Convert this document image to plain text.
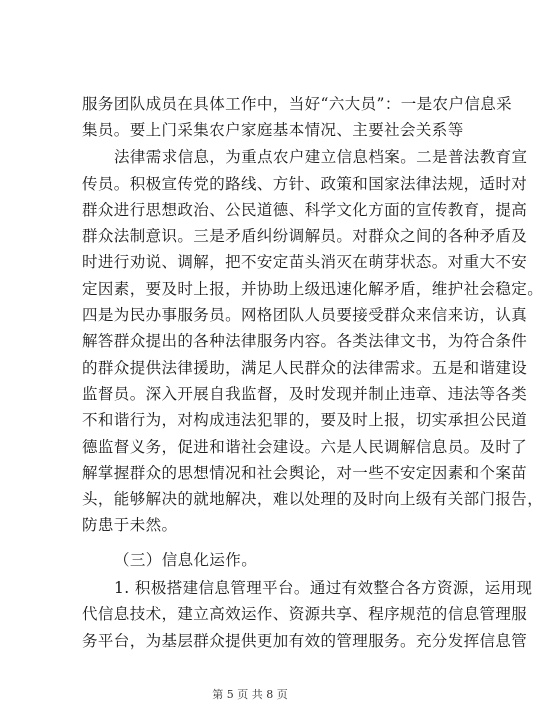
服务团队成员在具体工作中，当好“六大员”：一是农户信息采
集员。要上门采集农户家庭基本情况、主要社会关系等
法律需求信息，为重点农户建立信息档案。二是普法教育宣
传员。积极宣传党的路线、方针、政策和国家法律法规，适时对
群众进行思想政治、公民道德、科学文化方面的宣传教育，提高
群众法制意识。三是矛盾纠纷调解员。对群众之间的各种矛盾及
时进行劝说、调解，把不安定苗头消灭在萌芽状态。对重大不安
定因素，要及时上报，并协助上级迅速化解矛盾，维护社会稳定。
四是为民办事服务员。网格团队人员要接受群众来信来访，认真
解答群众提出的各种法律服务内容。各类法律文书，为符合条件
的群众提供法律援助，满足人民群众的法律需求。五是和谐建设
监督员。深入开展自我监督，及时发现并制止违章、违法等各类
不和谐行为，对构成违法犯罪的，要及时上报，切实承担公民道
德监督义务，促进和谐社会建设。六是人民调解信息员。及时了
解掌握群众的思想情况和社会舆论，对一些不安定因素和个案苗
头，能够解决的就地解决，难以处理的及时向上级有关部门报告，
防患于未然。
（三）信息化运作。
1. 积极搭建信息管理平台。通过有效整合各方资源，运用现
代信息技术，建立高效运作、资源共享、程序规范的信息管理服
务平台，为基层群众提供更加有效的管理服务。充分发挥信息管
第 5 页 共 8 页
